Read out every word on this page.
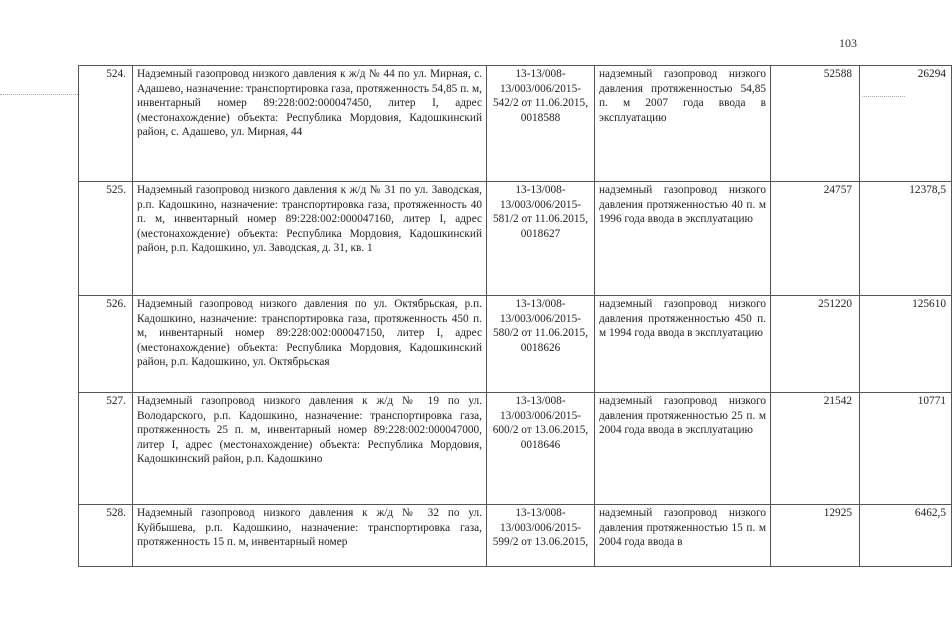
103
524.	Надземный газопровод низкого давления к ж/д № 44 по ул. Мирная, с. Адашево, назначение: транспортировка газа, протяженность 54,85 п. м, инвентарный номер 89:228:002:000047450, литер I, адрес (местонахождение) объекта: Республика Мордовия, Кадошкинский район, с. Адашево, ул. Мирная, 44	13-13/008-13/003/006/2015-542/2 от 11.06.2015, 0018588	надземный газопровод низкого давления протяженностью 54,85 п. м 2007 года ввода в эксплуатацию	52588	26294
525.	Надземный газопровод низкого давления к ж/д № 31 по ул. Заводская, р.п. Кадошкино, назначение: транспортировка газа, протяженность 40 п. м, инвентарный номер 89:228:002:000047160, литер I, адрес (местонахождение) объекта: Республика Мордовия, Кадошкинский район, р.п. Кадошкино, ул. Заводская, д. 31, кв. 1	13-13/008-13/003/006/2015-581/2 от 11.06.2015, 0018627	надземный газопровод низкого давления протяженностью 40 п. м 1996 года ввода в эксплуатацию	24757	12378,5
526.	Надземный газопровод низкого давления по ул. Октябрьская, р.п. Кадошкино, назначение: транспортировка газа, протяженность 450 п. м, инвентарный номер 89:228:002:000047150, литер I, адрес (местонахождение) объекта: Республика Мордовия, Кадошкинский район, р.п. Кадошкино, ул. Октябрьская	13-13/008-13/003/006/2015-580/2 от 11.06.2015, 0018626	надземный газопровод низкого давления протяженностью 450 п. м 1994 года ввода в эксплуатацию	251220	125610
527.	Надземный газопровод низкого давления к ж/д № 19 по ул. Володарского, р.п. Кадошкино, назначение: транспортировка газа, протяженность 25 п. м, инвентарный номер 89:228:002:000047000, литер I, адрес (местонахождение) объекта: Республика Мордовия, Кадошкинский район, р.п. Кадошкино	13-13/008-13/003/006/2015-600/2 от 13.06.2015, 0018646	надземный газопровод низкого давления протяженностью 25 п. м 2004 года ввода в эксплуатацию	21542	10771
528.	Надземный газопровод низкого давления к ж/д № 32 по ул. Куйбышева, р.п. Кадошкино, назначение: транспортировка газа, протяженность 15 п. м, инвентарный номер	13-13/008-13/003/006/2015-599/2 от 13.06.2015,	надземный газопровод низкого давления протяженностью 15 п. м 2004 года ввода в	12925	6462,5
